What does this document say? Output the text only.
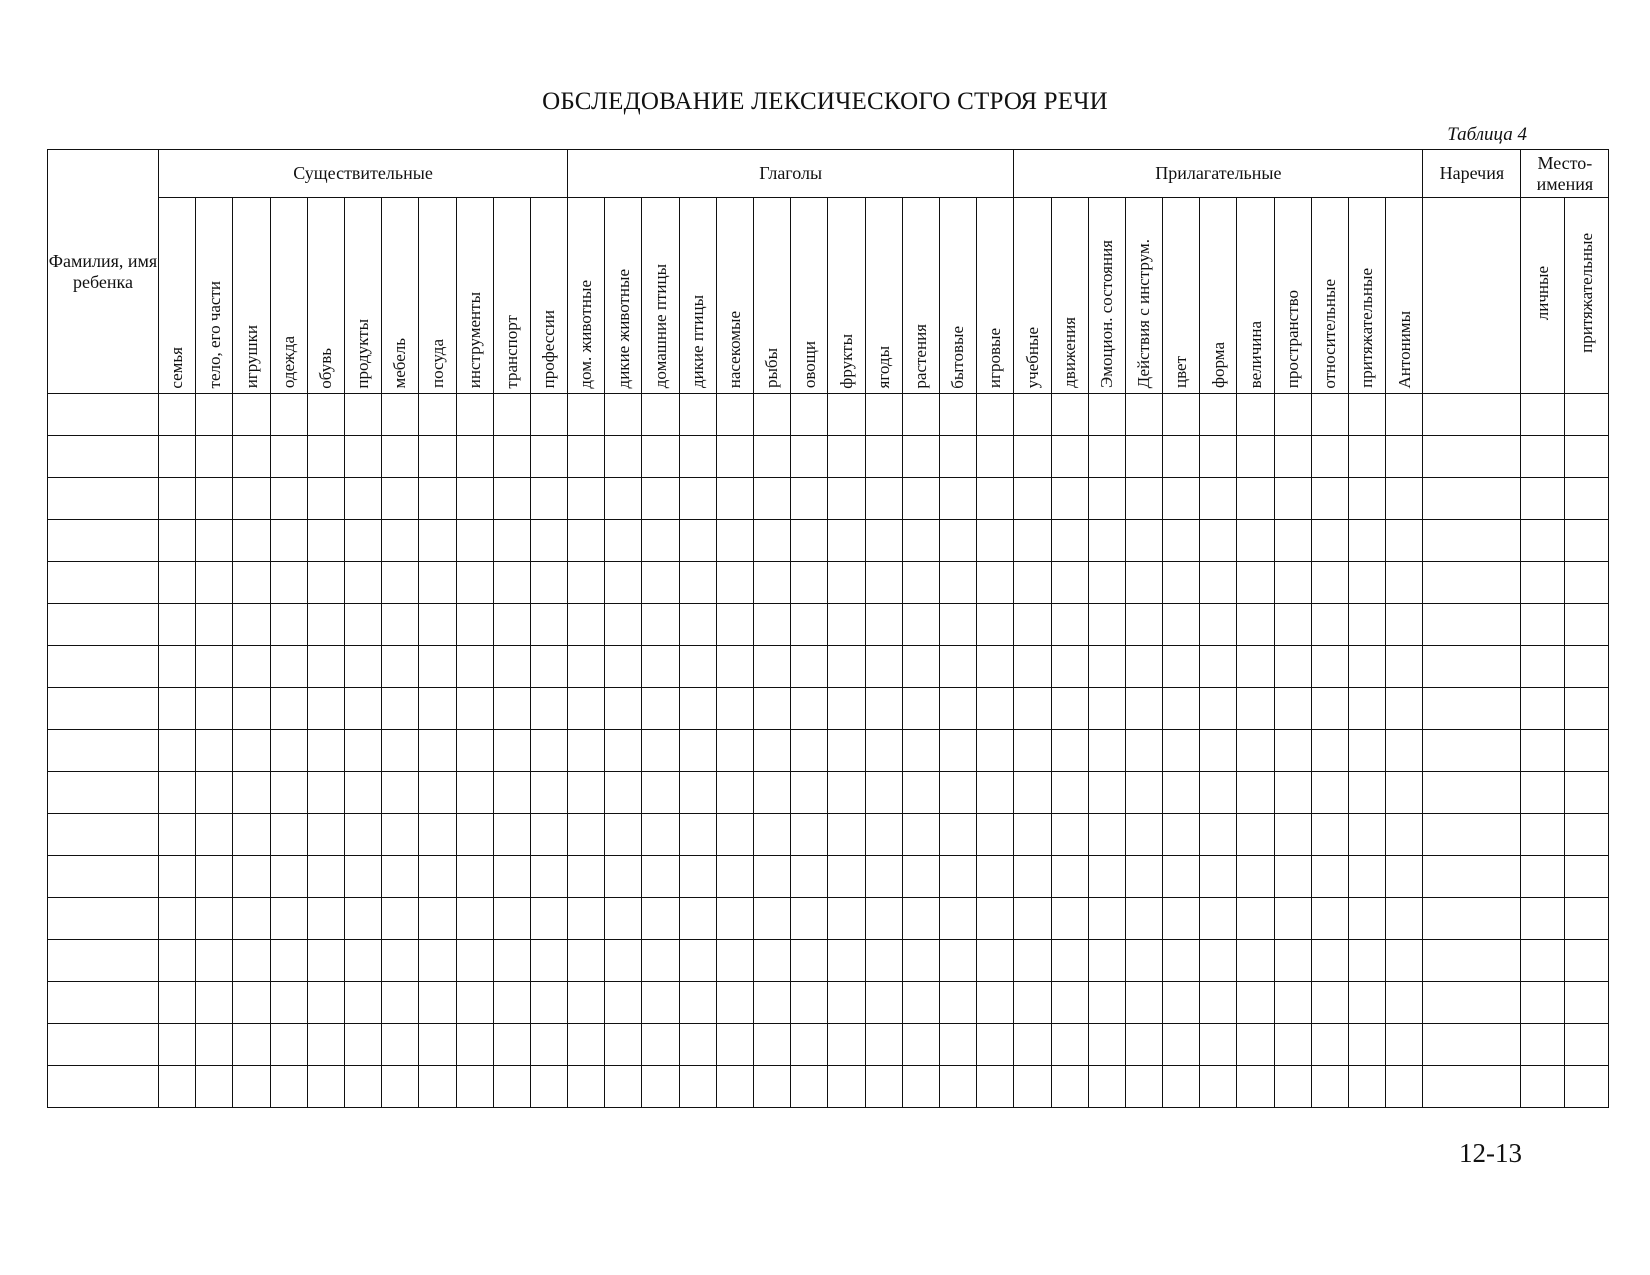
ОБСЛЕДОВАНИЕ ЛЕКСИЧЕСКОГО СТРОЯ РЕЧИ
Таблица 4
Фамилия, имя ребенка	Существительные											Глаголы												Прилагательные											Наречия	Место-имения	
	семья	тело, его части	игрушки	одежда	обувь	продукты	мебель	посуда	инструменты	транспорт	профессии	дом. животные	дикие животные	домашние птицы	дикие птицы	насекомые	рыбы	овощи	фрукты	ягоды	растения	бытовые	игровые	учебные	движения	Эмоцион. состояния	Действия с инструм.	цвет	форма	величина	пространство	относительные	притяжательные	Антонимы		личные	притяжательные

12-13
